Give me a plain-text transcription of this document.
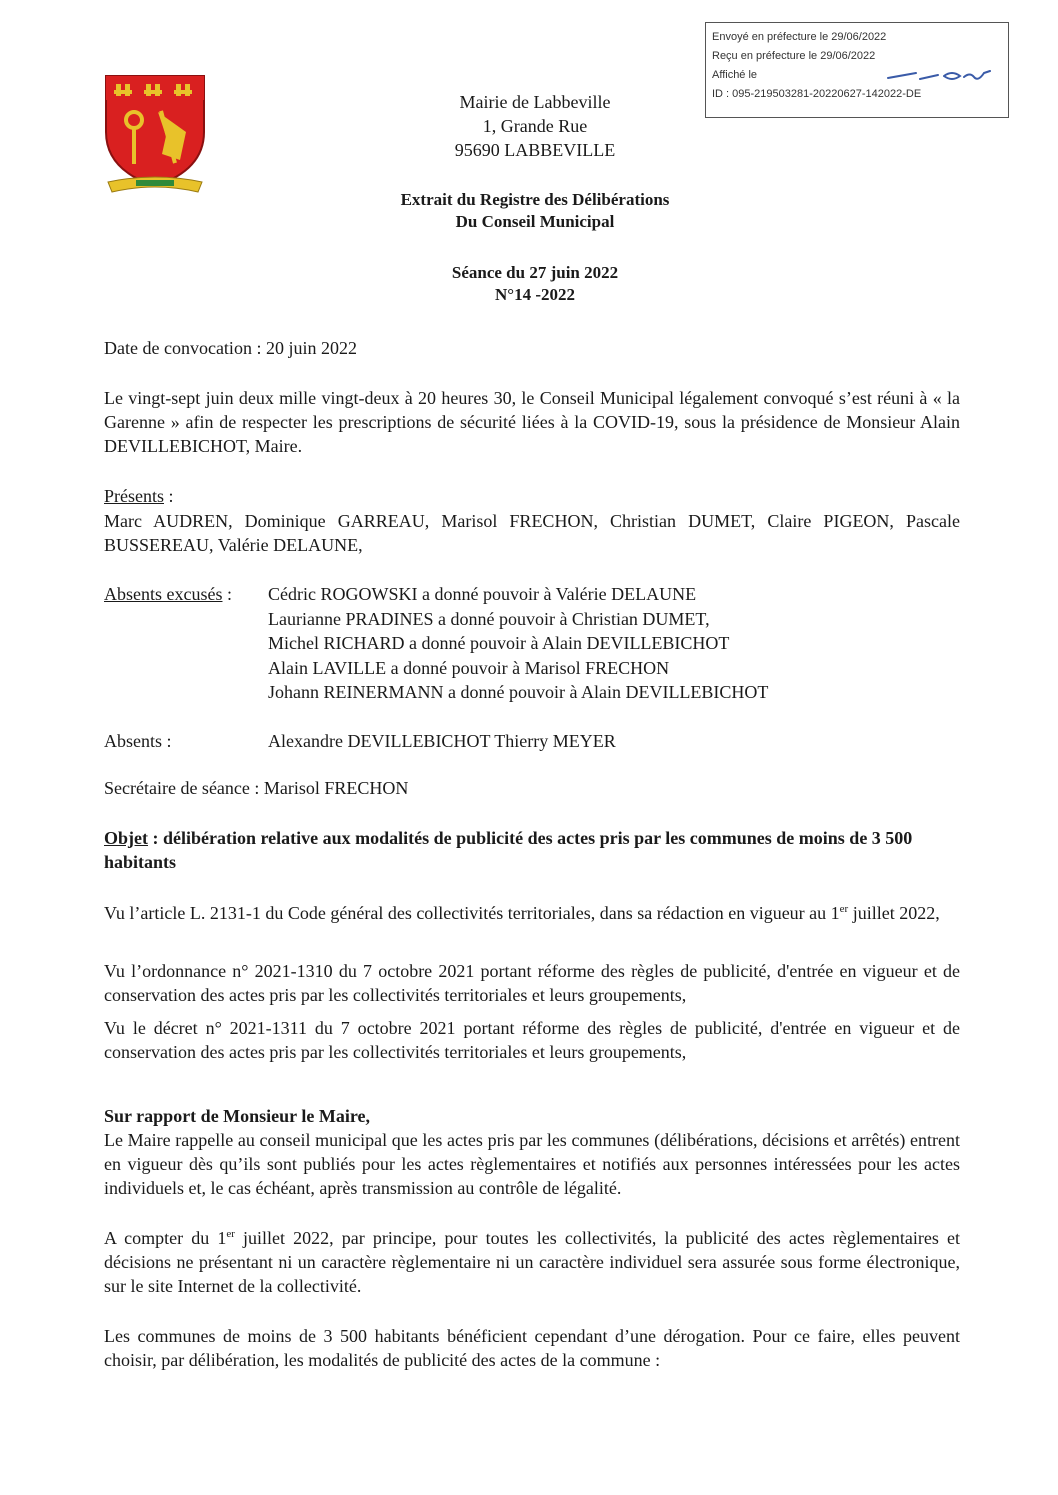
Envoyé en préfecture le 29/06/2022
Reçu en préfecture le 29/06/2022
Affiché le
ID : 095-219503281-20220627-142022-DE
Mairie de Labbeville
1, Grande Rue
95690 LABBEVILLE
Extrait du Registre des Délibérations
Du Conseil Municipal
Séance du 27 juin 2022
N°14 -2022
Date de convocation : 20 juin 2022
Le vingt-sept juin deux mille vingt-deux à 20 heures 30, le Conseil Municipal légalement convoqué s’est réuni à « la Garenne » afin de respecter les prescriptions de sécurité liées à la COVID-19, sous la présidence de Monsieur Alain DEVILLEBICHOT, Maire.
Présents :
Marc AUDREN, Dominique GARREAU, Marisol FRECHON, Christian DUMET, Claire PIGEON, Pascale BUSSEREAU, Valérie DELAUNE,
Absents excusés : Cédric ROGOWSKI a donné pouvoir à Valérie DELAUNE
Laurianne PRADINES a donné pouvoir à Christian DUMET,
Michel RICHARD a donné pouvoir à Alain DEVILLEBICHOT
Alain LAVILLE a donné pouvoir à Marisol FRECHON
Johann REINERMANN a donné pouvoir à Alain DEVILLEBICHOT
Absents :	Alexandre DEVILLEBICHOT Thierry MEYER
Secrétaire de séance : Marisol FRECHON
Objet : délibération relative aux modalités de publicité des actes pris par les communes de moins de 3 500 habitants
Vu l’article L. 2131-1 du Code général des collectivités territoriales, dans sa rédaction en vigueur au 1er juillet 2022,
Vu l’ordonnance n° 2021-1310 du 7 octobre 2021 portant réforme des règles de publicité, d'entrée en vigueur et de conservation des actes pris par les collectivités territoriales et leurs groupements,
Vu le décret n° 2021-1311 du 7 octobre 2021 portant réforme des règles de publicité, d'entrée en vigueur et de conservation des actes pris par les collectivités territoriales et leurs groupements,
Sur rapport de Monsieur le Maire,
Le Maire rappelle au conseil municipal que les actes pris par les communes (délibérations, décisions et arrêtés) entrent en vigueur dès qu’ils sont publiés pour les actes règlementaires et notifiés aux personnes intéressées pour les actes individuels et, le cas échéant, après transmission au contrôle de légalité.
A compter du 1er juillet 2022, par principe, pour toutes les collectivités, la publicité des actes règlementaires et décisions ne présentant ni un caractère règlementaire ni un caractère individuel sera assurée sous forme électronique, sur le site Internet de la collectivité.
Les communes de moins de 3 500 habitants bénéficient cependant d’une dérogation. Pour ce faire, elles peuvent choisir, par délibération, les modalités de publicité des actes de la commune :
